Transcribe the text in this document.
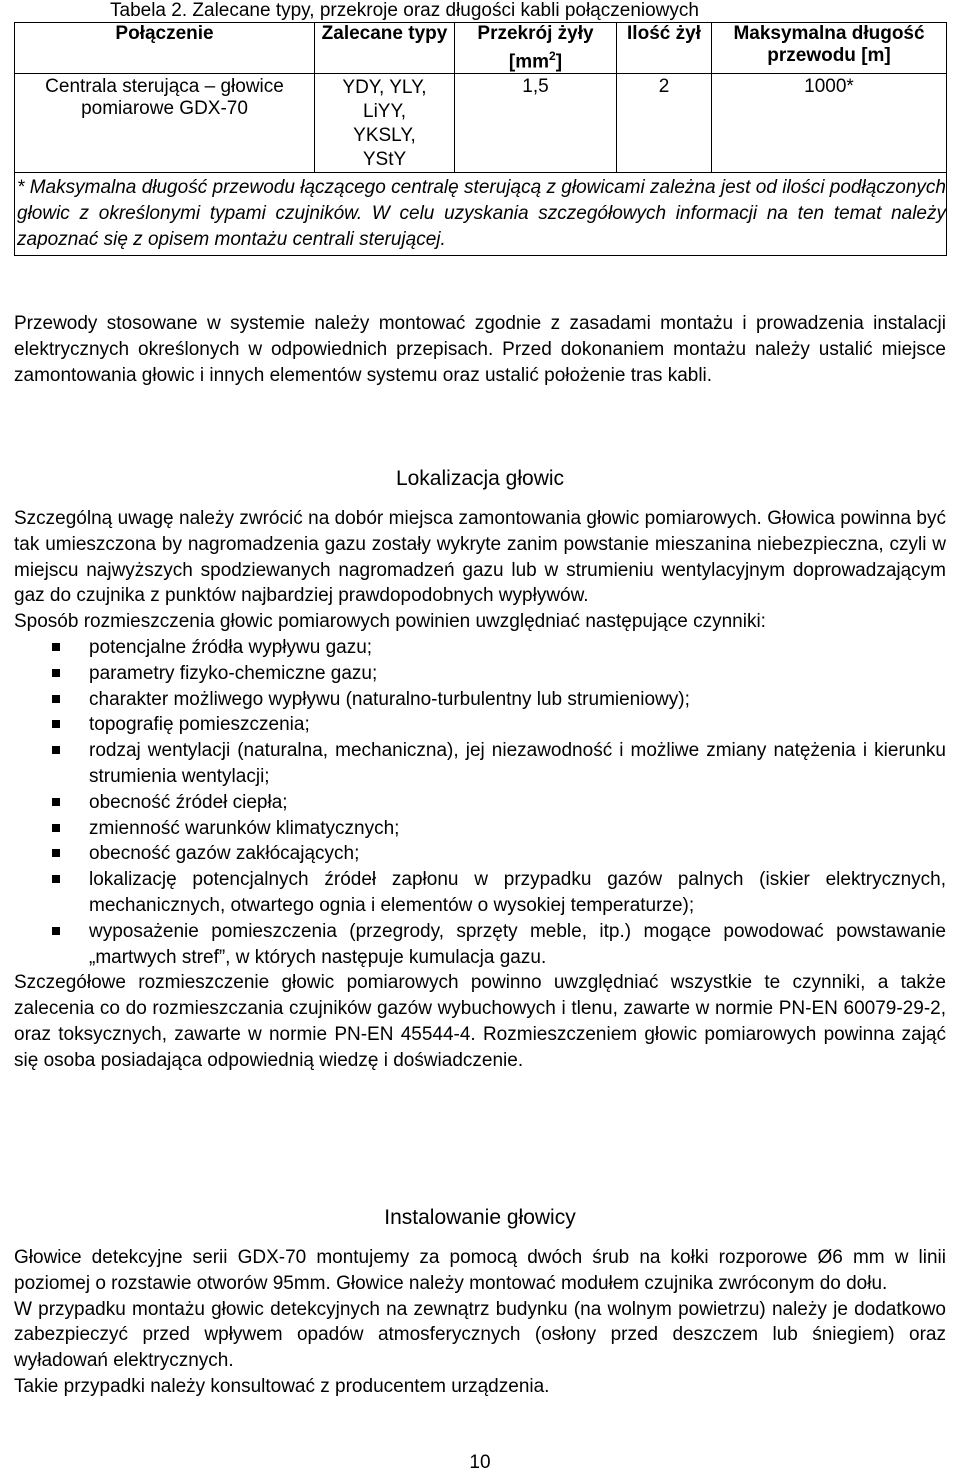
Tabela 2. Zalecane typy, przekroje oraz długości kabli połączeniowych
Połączenie	Zalecane typy	Przekrój żyły $[mm^2]$	Ilość żył	Maksymalna długość przewodu [m]
Centrala sterująca – głowice pomiarowe GDX-70	YDY, YLY, LiYY, YKSLY, YStY	1,5	2	1000*
* Maksymalna długość przewodu łączącego centralę sterującą z głowicami zależna jest od ilości podłączonych głowic z określonymi typami czujników. W celu uzyskania szczegółowych informacji na ten temat należy zapoznać się z opisem montażu centrali sterującej.				

Przewody stosowane w systemie należy montować zgodnie z zasadami montażu i prowadzenia instalacji elektrycznych określonych w odpowiednich przepisach. Przed dokonaniem montażu należy ustalić miejsce zamontowania głowic i innych elementów systemu oraz ustalić położenie tras kabli.

Lokalizacja głowic

Szczególną uwagę należy zwrócić na dobór miejsca zamontowania głowic pomiarowych. Głowica powinna być tak umieszczona by nagromadzenia gazu zostały wykryte zanim powstanie mieszanina niebezpieczna, czyli w miejscu najwyższych spodziewanych nagromadzeń gazu lub w strumieniu wentylacyjnym doprowadzającym gaz do czujnika z punktów najbardziej prawdopodobnych wypływów.

Sposób rozmieszczenia głowic pomiarowych powinien uwzględniać następujące czynniki:

potencjalne źródła wypływu gazu;
parametry fizyko-chemiczne gazu;
charakter możliwego wypływu (naturalno-turbulentny lub strumieniowy);
topografię pomieszczenia;
rodzaj wentylacji (naturalna, mechaniczna), jej niezawodność i możliwe zmiany natężenia i kierunku strumienia wentylacji;
obecność źródeł ciepła;
zmienność warunków klimatycznych;
obecność gazów zakłócających;
lokalizację potencjalnych źródeł zapłonu w przypadku gazów palnych (iskier elektrycznych, mechanicznych, otwartego ognia i elementów o wysokiej temperaturze);
wyposażenie pomieszczenia (przegrody, sprzęty meble, itp.) mogące powodować powstawanie „martwych stref”, w których następuje kumulacja gazu.

Szczegółowe rozmieszczenie głowic pomiarowych powinno uwzględniać wszystkie te czynniki, a także zalecenia co do rozmieszczania czujników gazów wybuchowych i tlenu, zawarte w normie PN-EN 60079-29-2, oraz toksycznych, zawarte w normie PN-EN 45544-4. Rozmieszczeniem głowic pomiarowych powinna zająć się osoba posiadająca odpowiednią wiedzę i doświadczenie.

Instalowanie głowicy

Głowice detekcyjne serii GDX-70 montujemy za pomocą dwóch śrub na kołki rozporowe Ø6 mm w linii poziomej o rozstawie otworów 95mm. Głowice należy montować modułem czujnika zwróconym do dołu.

W przypadku montażu głowic detekcyjnych na zewnątrz budynku (na wolnym powietrzu) należy je dodatkowo zabezpieczyć przed wpływem opadów atmosferycznych (osłony przed deszczem lub śniegiem) oraz wyładowań elektrycznych.

Takie przypadki należy konsultować z producentem urządzenia.

10
